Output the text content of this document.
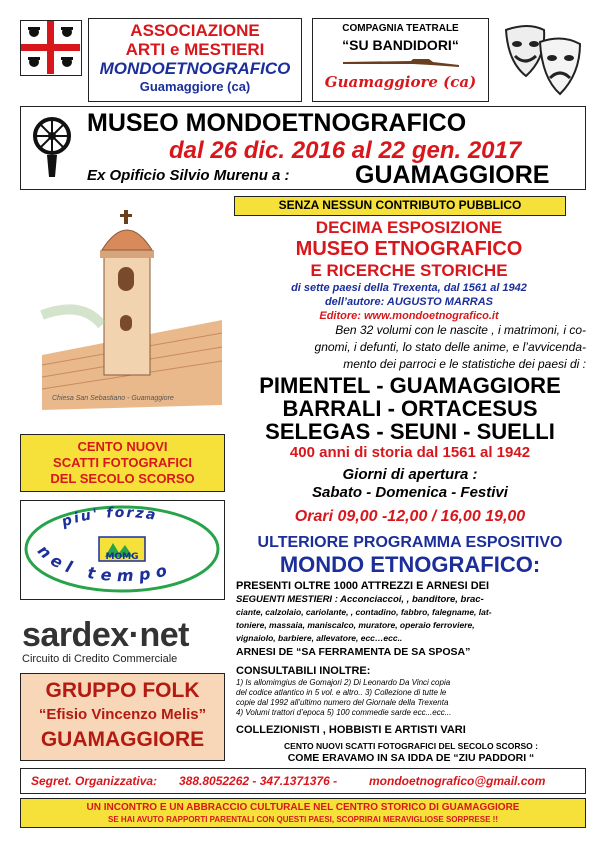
ASSOCIAZIONE
ARTI e MESTIERI
MONDOETNOGRAFICO
Guamaggiore (ca)
COMPAGNIA TEATRALE
“SU BANDIDORI“
Guamaggiore (ca)
MUSEO MONDOETNOGRAFICO
dal 26 dic. 2016 al 22 gen. 2017
Ex Opificio Silvio Murenu a :	GUAMAGGIORE
Chiesa San Sebastiano - Guamaggiore
CENTO NUOVI
SCATTI FOTOGRAFICI
DEL SECOLO SCORSO
piu' forza
nel tempo
MOMG
sardex·net
Circuito di Credito Commerciale
GRUPPO FOLK
“Efisio Vincenzo Melis”
GUAMAGGIORE
SENZA NESSUN CONTRIBUTO PUBBLICO
DECIMA ESPOSIZIONE
MUSEO ETNOGRAFICO
E RICERCHE STORICHE
di sette paesi della Trexenta, dal 1561 al 1942
dell’autore: AUGUSTO MARRAS
Editore: www.mondoetnografico.it
Ben 32 volumi con le nascite , i matrimoni, i co-
gnomi, i defunti, lo stato delle anime, e l’avvicenda-
mento dei parroci e le statistiche dei paesi di :
PIMENTEL - GUAMAGGIORE
BARRALI - ORTACESUS
SELEGAS - SEUNI - SUELLI
400 anni di storia dal 1561 al 1942
Giorni di apertura :
Sabato - Domenica - Festivi
Orari 09,00 -12,00 / 16,00 19,00
ULTERIORE PROGRAMMA ESPOSITIVO
MONDO ETNOGRAFICO:
PRESENTI OLTRE 1000 ATTREZZI E ARNESI DEI
SEGUENTI MESTIERI : Acconciaccoi, , banditore, brac-
ciante, calzolaio, cariolante, , contadino, fabbro, falegname, lat-
toniere, massaia, maniscalco, muratore, operaio ferroviere,
vignaiolo, barbiere, allevatore, ecc…ecc..
ARNESI DE “SA FERRAMENTA DE SA SPOSA”
CONSULTABILI INOLTRE:
1) Is allomimgius de Gomajori 2) Di Leonardo Da Vinci copia
del codice atlantico in 5 vol. e altro.. 3) Collezione di tutte le
copie dal 1992 all’ultimo numero del Giornale della Trexenta
4) Volumi trattori d’epoca 5) 100 commedie sarde ecc...ecc...
COLLEZIONISTI , HOBBISTI E ARTISTI VARI
CENTO NUOVI SCATTI FOTOGRAFICI DEL SECOLO SCORSO :
COME ERAVAMO IN SA IDDA DE “ZIU PADDORI “
Segret. Organizzativa: 388.8052262 - 347.1371376 -	mondoetnografico@gmail.com
UN INCONTRO E UN ABBRACCIO CULTURALE NEL CENTRO STORICO DI GUAMAGGIORE
SE HAI AVUTO RAPPORTI PARENTALI CON QUESTI PAESI, SCOPRIRAI MERAVIGLIOSE SORPRESE !!
